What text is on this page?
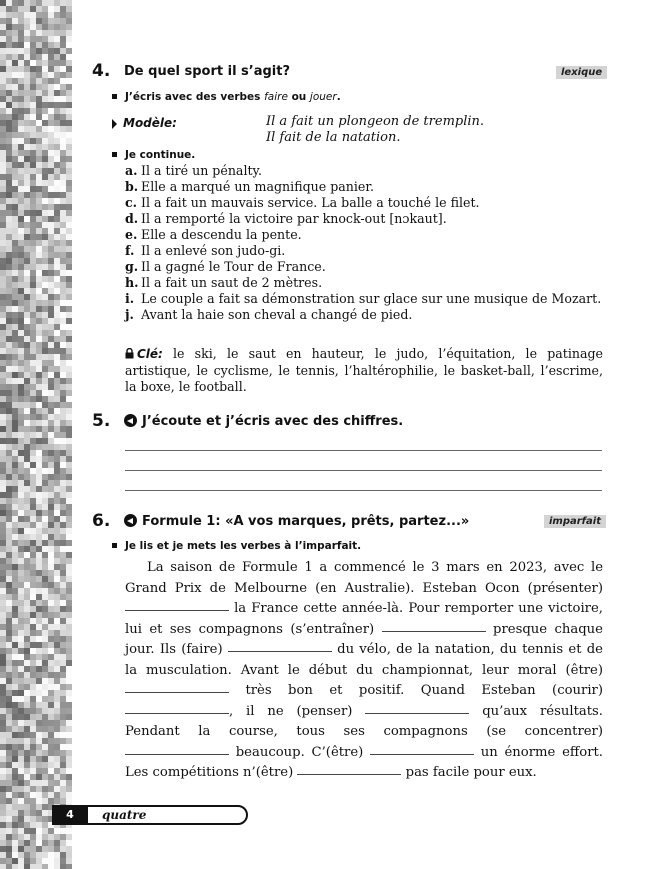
4. De quel sport il s’agit?	lexique
J’écris avec des verbes faire ou jouer.
Modèle:	Il a fait un plongeon de tremplin.
Il fait de la natation.
Je continue.
a. Il a tiré un pénalty.
b. Elle a marqué un magnifique panier.
c. Il a fait un mauvais service. La balle a touché le filet.
d. Il a remporté la victoire par knock-out [nɔkaut].
e. Elle a descendu la pente.
f. Il a enlevé son judo-gi.
g. Il a gagné le Tour de France.
h. Il a fait un saut de 2 mètres.
i. Le couple a fait sa démonstration sur glace sur une musique de Mozart.
j. Avant la haie son cheval a changé de pied.
Clé: le ski, le saut en hauteur, le judo, l’équitation, le patinage artistique, le cyclisme, le tennis, l’haltérophilie, le basket-ball, l’escrime, la boxe, le football.
5.	J’écoute et j’écris avec des chiffres.
6.	Formule 1: «A vos marques, prêts, partez...»	imparfait
Je lis et je mets les verbes à l’imparfait.

La saison de Formule 1 a commencé le 3 mars en 2023, avec le Grand Prix de Melbourne (en Australie). Esteban Ocon (présenter)  la France cette année-là. Pour remporter une victoire, lui et ses compagnons (s’entraîner)	presque chaque jour. Ils (faire)	du vélo, de la natation, du tennis et de la musculation. Avant le début du championnat, leur moral (être)  très bon et positif. Quand Esteban (courir) , il ne (penser)	qu’aux résultats. Pendant la course, tous ses compagnons (se concentrer)  beaucoup. C’(être)	un énorme effort. Les compétitions n’(être)	pas facile pour eux.

4	quatre
